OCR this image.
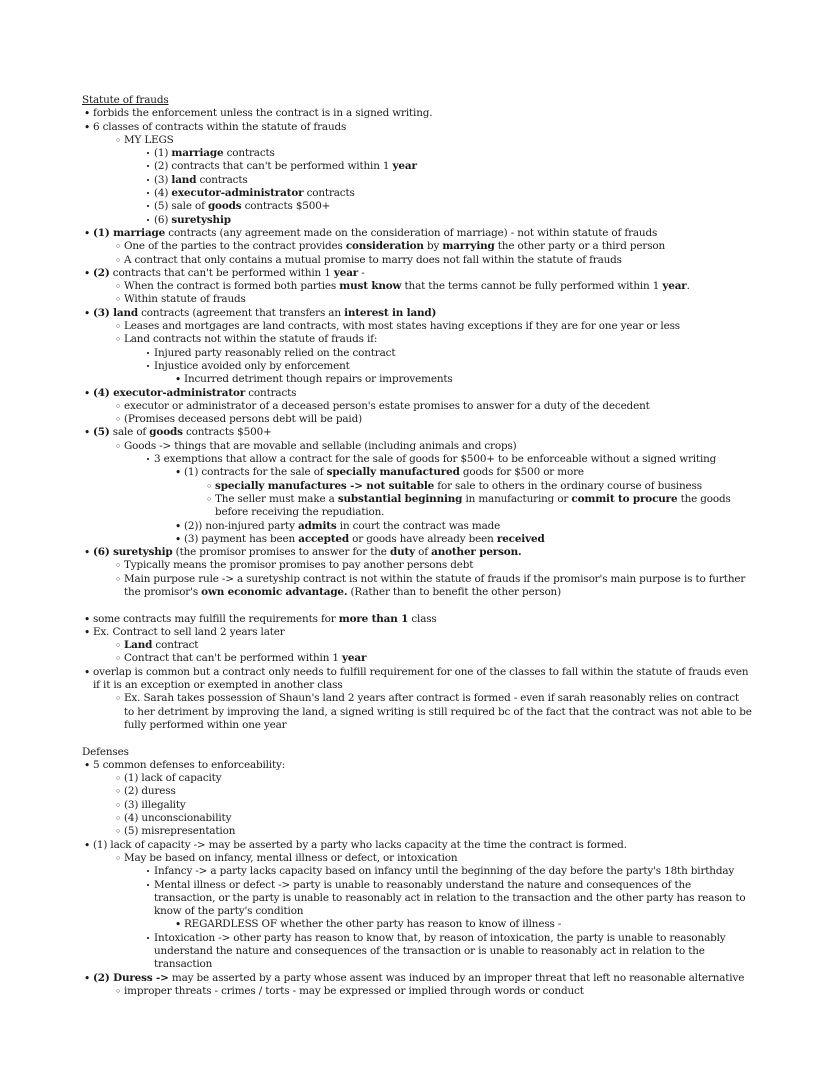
Statute of frauds
•
forbids the enforcement unless the contract is in a signed writing.
•
6 classes of contracts within the statute of frauds
◦
MY LEGS
·
(1) marriage contracts
·
(2) contracts that can't be performed within 1 year
·
(3) land contracts
·
(4) executor-administrator contracts
·
(5) sale of goods contracts $500+
·
(6) suretyship
•
(1) marriage contracts (any agreement made on the consideration of marriage) - not within statute of frauds
◦
One of the parties to the contract provides consideration by marrying the other party or a third person
◦
A contract that only contains a mutual promise to marry does not fall within the statute of frauds
•
(2) contracts that can't be performed within 1 year -
◦
When the contract is formed both parties must know that the terms cannot be fully performed within 1 year.
◦
Within statute of frauds
•
(3) land contracts (agreement that transfers an interest in land)
◦
Leases and mortgages are land contracts, with most states having exceptions if they are for one year or less
◦
Land contracts not within the statute of frauds if:
·
Injured party reasonably relied on the contract
·
Injustice avoided only by enforcement
•
Incurred detriment though repairs or improvements
•
(4) executor-administrator contracts
◦
executor or administrator of a deceased person's estate promises to answer for a duty of the decedent
◦
(Promises deceased persons debt will be paid)
•
(5) sale of goods contracts $500+
◦
Goods -> things that are movable and sellable (including animals and crops)
·
3 exemptions that allow a contract for the sale of goods for $500+ to be enforceable without a signed writing
•
(1) contracts for the sale of specially manufactured goods for $500 or more
◦
specially manufactures -> not suitable for sale to others in the ordinary course of business
◦
The seller must make a substantial beginning in manufacturing or commit to procure the goods before receiving the repudiation.
•
(2)) non-injured party admits in court the contract was made
•
(3) payment has been accepted or goods have already been received
•
(6) suretyship (the promisor promises to answer for the duty of another person.
◦
Typically means the promisor promises to pay another persons debt
◦
Main purpose rule -> a suretyship contract is not within the statute of frauds if the promisor's main purpose is to further the promisor's own economic advantage. (Rather than to benefit the other person)
•
some contracts may fulfill the requirements for more than 1 class
•
Ex. Contract to sell land 2 years later
◦
Land contract
◦
Contract that can't be performed within 1 year
•
overlap is common but a contract only needs to fulfill requirement for one of the classes to fall within the statute of frauds even if it is an exception or exempted in another class
◦
Ex. Sarah takes possession of Shaun's land 2 years after contract is formed - even if sarah reasonably relies on contract to her detriment by improving the land, a signed writing is still required bc of the fact that the contract was not able to be fully performed within one year
Defenses
•
5 common defenses to enforceability:
◦
(1) lack of capacity
◦
(2) duress
◦
(3) illegality
◦
(4) unconscionability
◦
(5) misrepresentation
•
(1) lack of capacity -> may be asserted by a party who lacks capacity at the time the contract is formed.
◦
May be based on infancy, mental illness or defect, or intoxication
·
Infancy -> a party lacks capacity based on infancy until the beginning of the day before the party's 18th birthday
·
Mental illness or defect -> party is unable to reasonably understand the nature and consequences of the transaction, or the party is unable to reasonably act in relation to the transaction and the other party has reason to know of the party's condition
•
REGARDLESS OF whether the other party has reason to know of illness -
·
Intoxication -> other party has reason to know that, by reason of intoxication, the party is unable to reasonably understand the nature and consequences of the transaction or is unable to reasonably act in relation to the transaction
•
(2) Duress -> may be asserted by a party whose assent was induced by an improper threat that left no reasonable alternative
◦
improper threats - crimes / torts - may be expressed or implied through words or conduct
